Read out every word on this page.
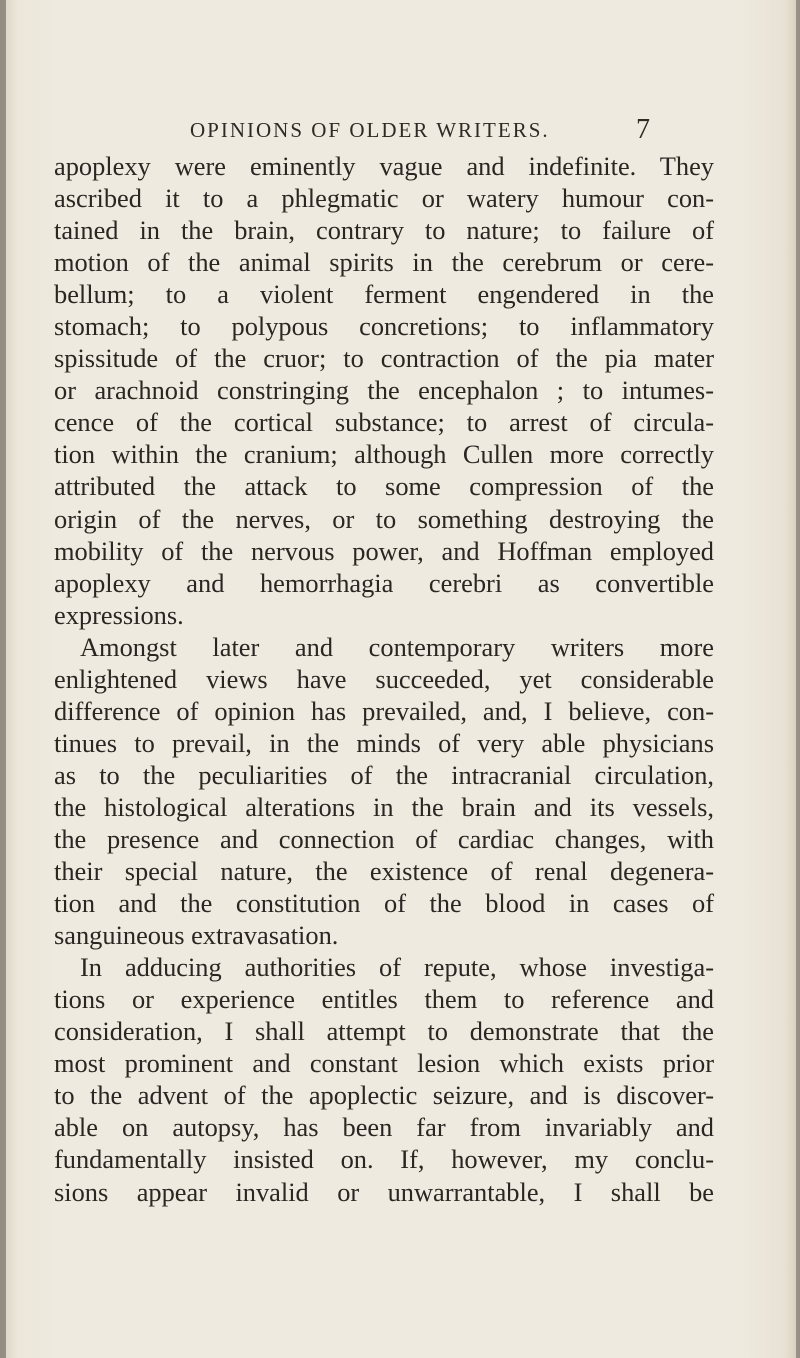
OPINIONS OF OLDER WRITERS.	7
apoplexy were eminently vague and indefinite. They
ascribed it to a phlegmatic or watery humour con-
tained in the brain, contrary to nature; to failure of
motion of the animal spirits in the cerebrum or cere-
bellum; to a violent ferment engendered in the
stomach; to polypous concretions; to inflammatory
spissitude of the cruor; to contraction of the pia mater
or arachnoid constringing the encephalon ; to intumes-
cence of the cortical substance; to arrest of circula-
tion within the cranium; although Cullen more correctly
attributed the attack to some compression of the
origin of the nerves, or to something destroying the
mobility of the nervous power, and Hoffman employed
apoplexy and hemorrhagia cerebri as convertible
expressions.
Amongst later and contemporary writers more
enlightened views have succeeded, yet considerable
difference of opinion has prevailed, and, I believe, con-
tinues to prevail, in the minds of very able physicians
as to the peculiarities of the intracranial circulation,
the histological alterations in the brain and its vessels,
the presence and connection of cardiac changes, with
their special nature, the existence of renal degenera-
tion and the constitution of the blood in cases of
sanguineous extravasation.
In adducing authorities of repute, whose investiga-
tions or experience entitles them to reference and
consideration, I shall attempt to demonstrate that the
most prominent and constant lesion which exists prior
to the advent of the apoplectic seizure, and is discover-
able on autopsy, has been far from invariably and
fundamentally insisted on. If, however, my conclu-
sions appear invalid or unwarrantable, I shall be
